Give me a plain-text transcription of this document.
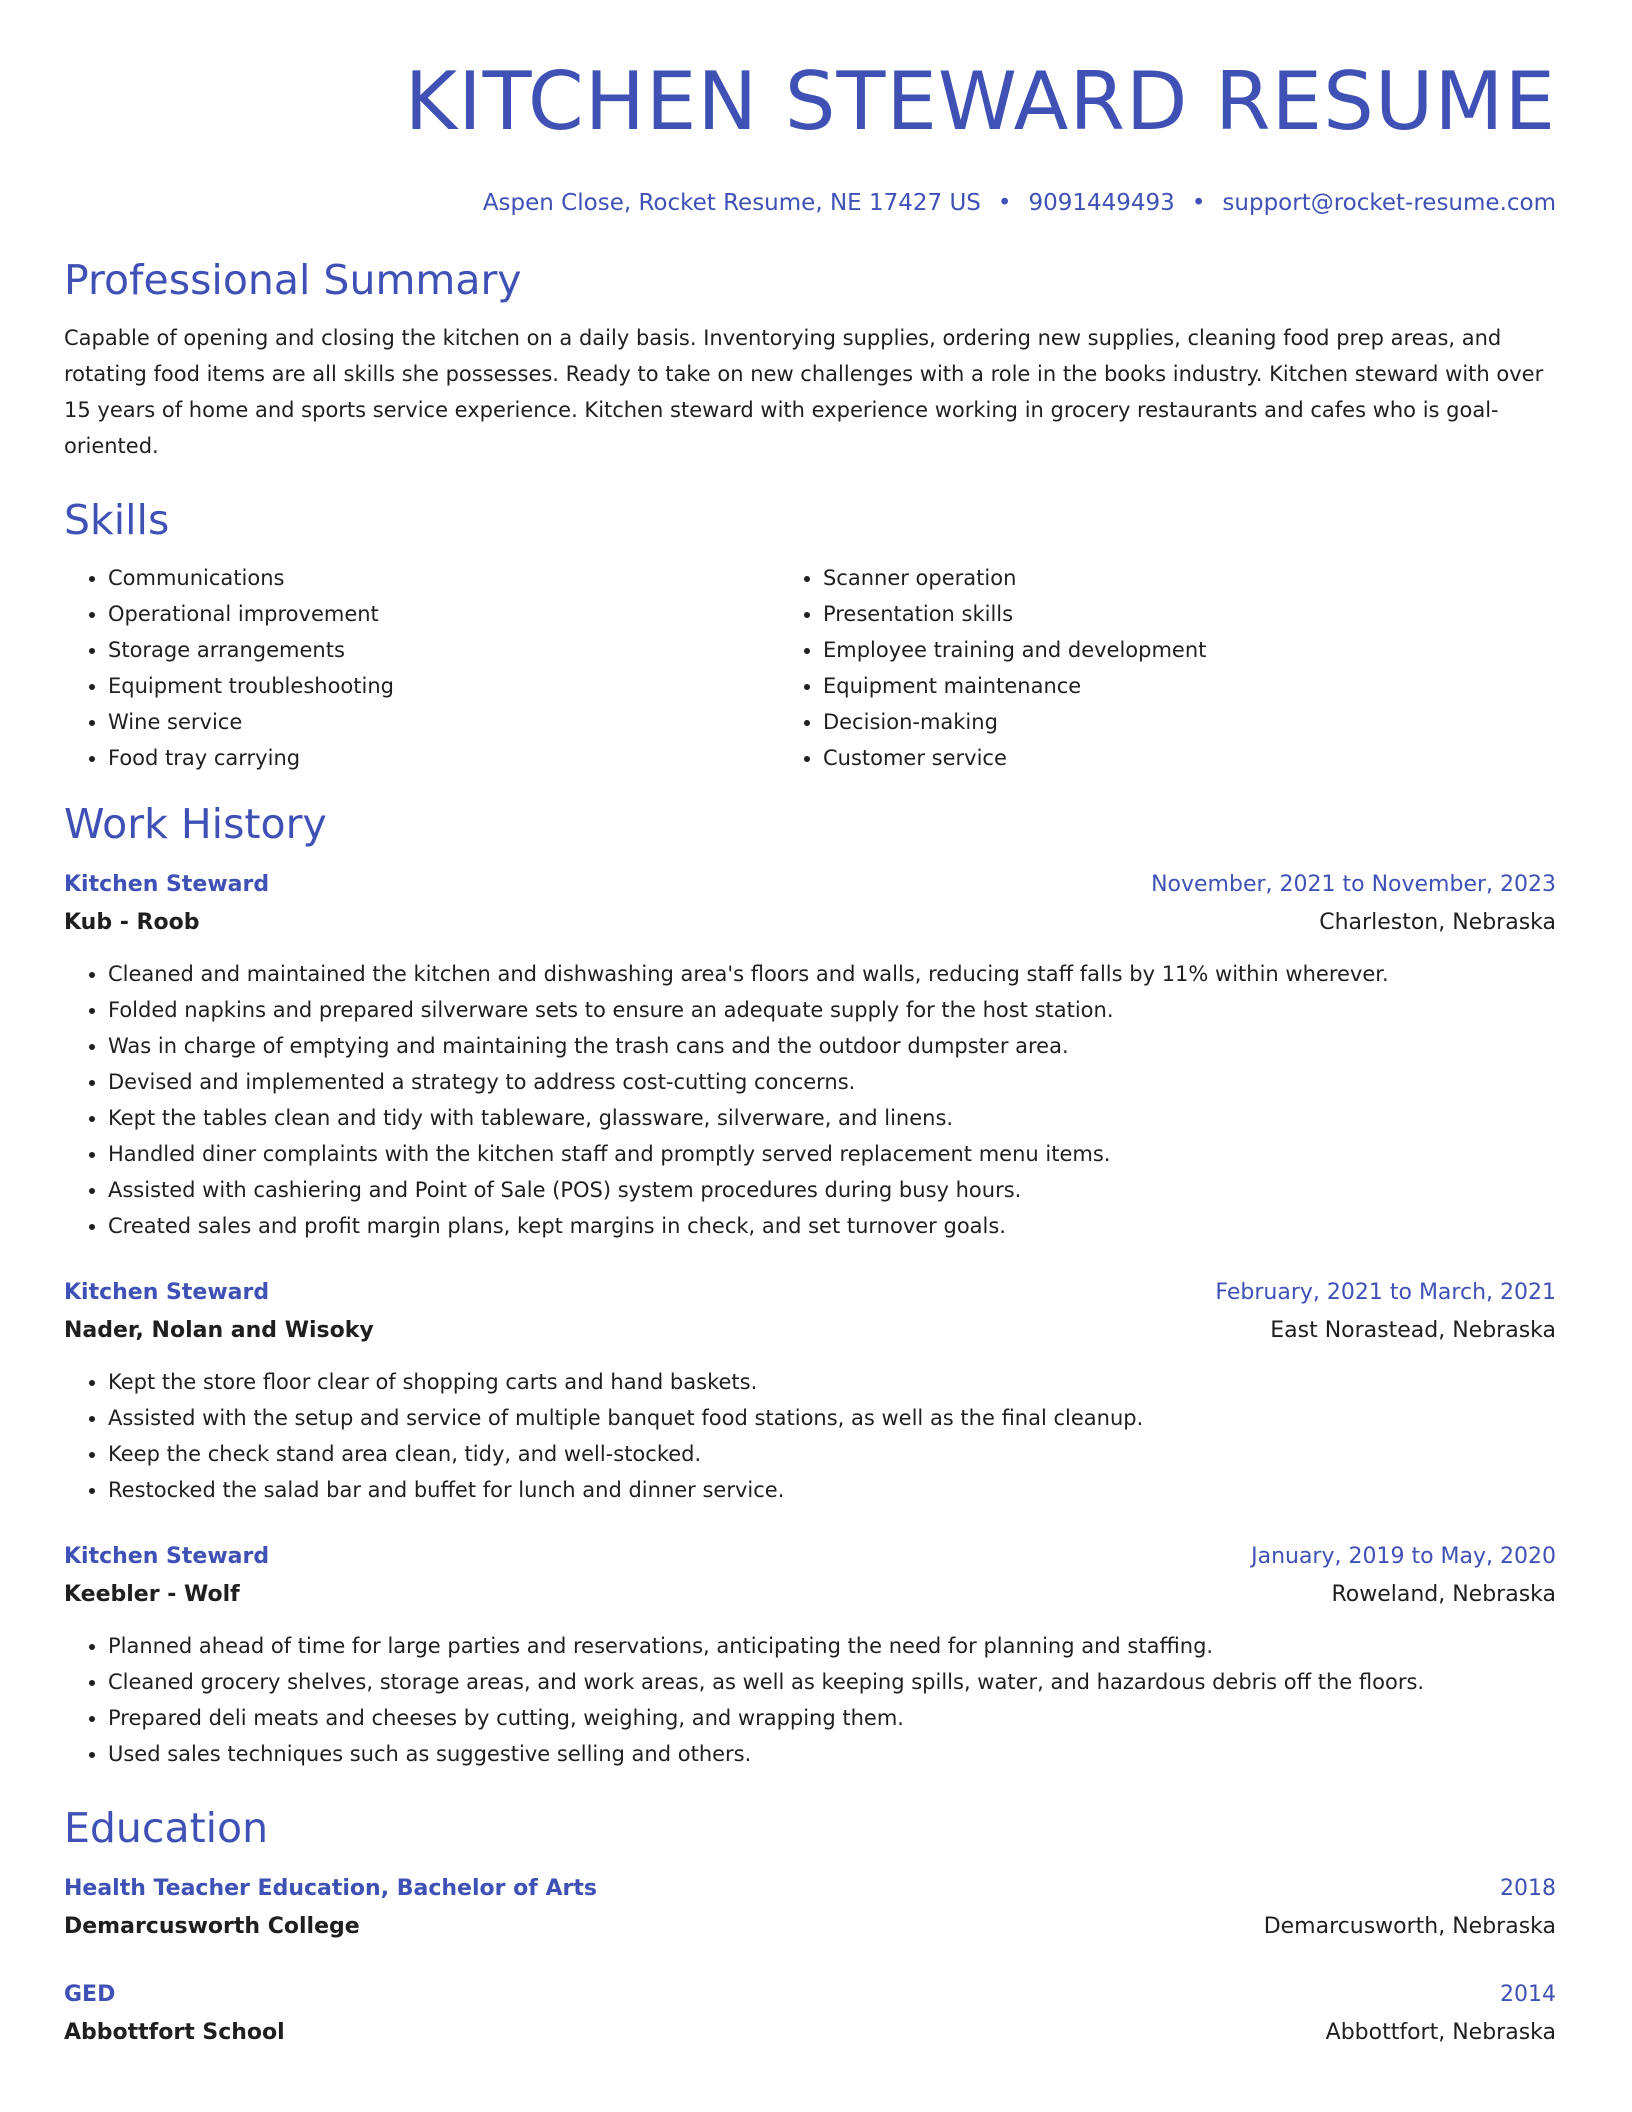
KITCHEN STEWARD RESUME
Aspen Close, Rocket Resume, NE 17427 US • 9091449493 • support@rocket-resume.com
Professional Summary
Capable of opening and closing the kitchen on a daily basis. Inventorying supplies, ordering new supplies, cleaning food prep areas, and rotating food items are all skills she possesses. Ready to take on new challenges with a role in the books industry. Kitchen steward with over 15 years of home and sports service experience. Kitchen steward with experience working in grocery restaurants and cafes who is goal-oriented.
Skills
• Communications
• Operational improvement
• Storage arrangements
• Equipment troubleshooting
• Wine service
• Food tray carrying
• Scanner operation
• Presentation skills
• Employee training and development
• Equipment maintenance
• Decision-making
• Customer service
Work History
Kitchen Steward	November, 2021 to November, 2023
Kub - Roob	Charleston, Nebraska
• Cleaned and maintained the kitchen and dishwashing area's floors and walls, reducing staff falls by 11% within wherever.
• Folded napkins and prepared silverware sets to ensure an adequate supply for the host station.
• Was in charge of emptying and maintaining the trash cans and the outdoor dumpster area.
• Devised and implemented a strategy to address cost-cutting concerns.
• Kept the tables clean and tidy with tableware, glassware, silverware, and linens.
• Handled diner complaints with the kitchen staff and promptly served replacement menu items.
• Assisted with cashiering and Point of Sale (POS) system procedures during busy hours.
• Created sales and profit margin plans, kept margins in check, and set turnover goals.
Kitchen Steward	February, 2021 to March, 2021
Nader, Nolan and Wisoky	East Norastead, Nebraska
• Kept the store floor clear of shopping carts and hand baskets.
• Assisted with the setup and service of multiple banquet food stations, as well as the final cleanup.
• Keep the check stand area clean, tidy, and well-stocked.
• Restocked the salad bar and buffet for lunch and dinner service.
Kitchen Steward	January, 2019 to May, 2020
Keebler - Wolf	Roweland, Nebraska
• Planned ahead of time for large parties and reservations, anticipating the need for planning and staffing.
• Cleaned grocery shelves, storage areas, and work areas, as well as keeping spills, water, and hazardous debris off the floors.
• Prepared deli meats and cheeses by cutting, weighing, and wrapping them.
• Used sales techniques such as suggestive selling and others.
Education
Health Teacher Education, Bachelor of Arts	2018
Demarcusworth College	Demarcusworth, Nebraska
GED	2014
Abbottfort School	Abbottfort, Nebraska
